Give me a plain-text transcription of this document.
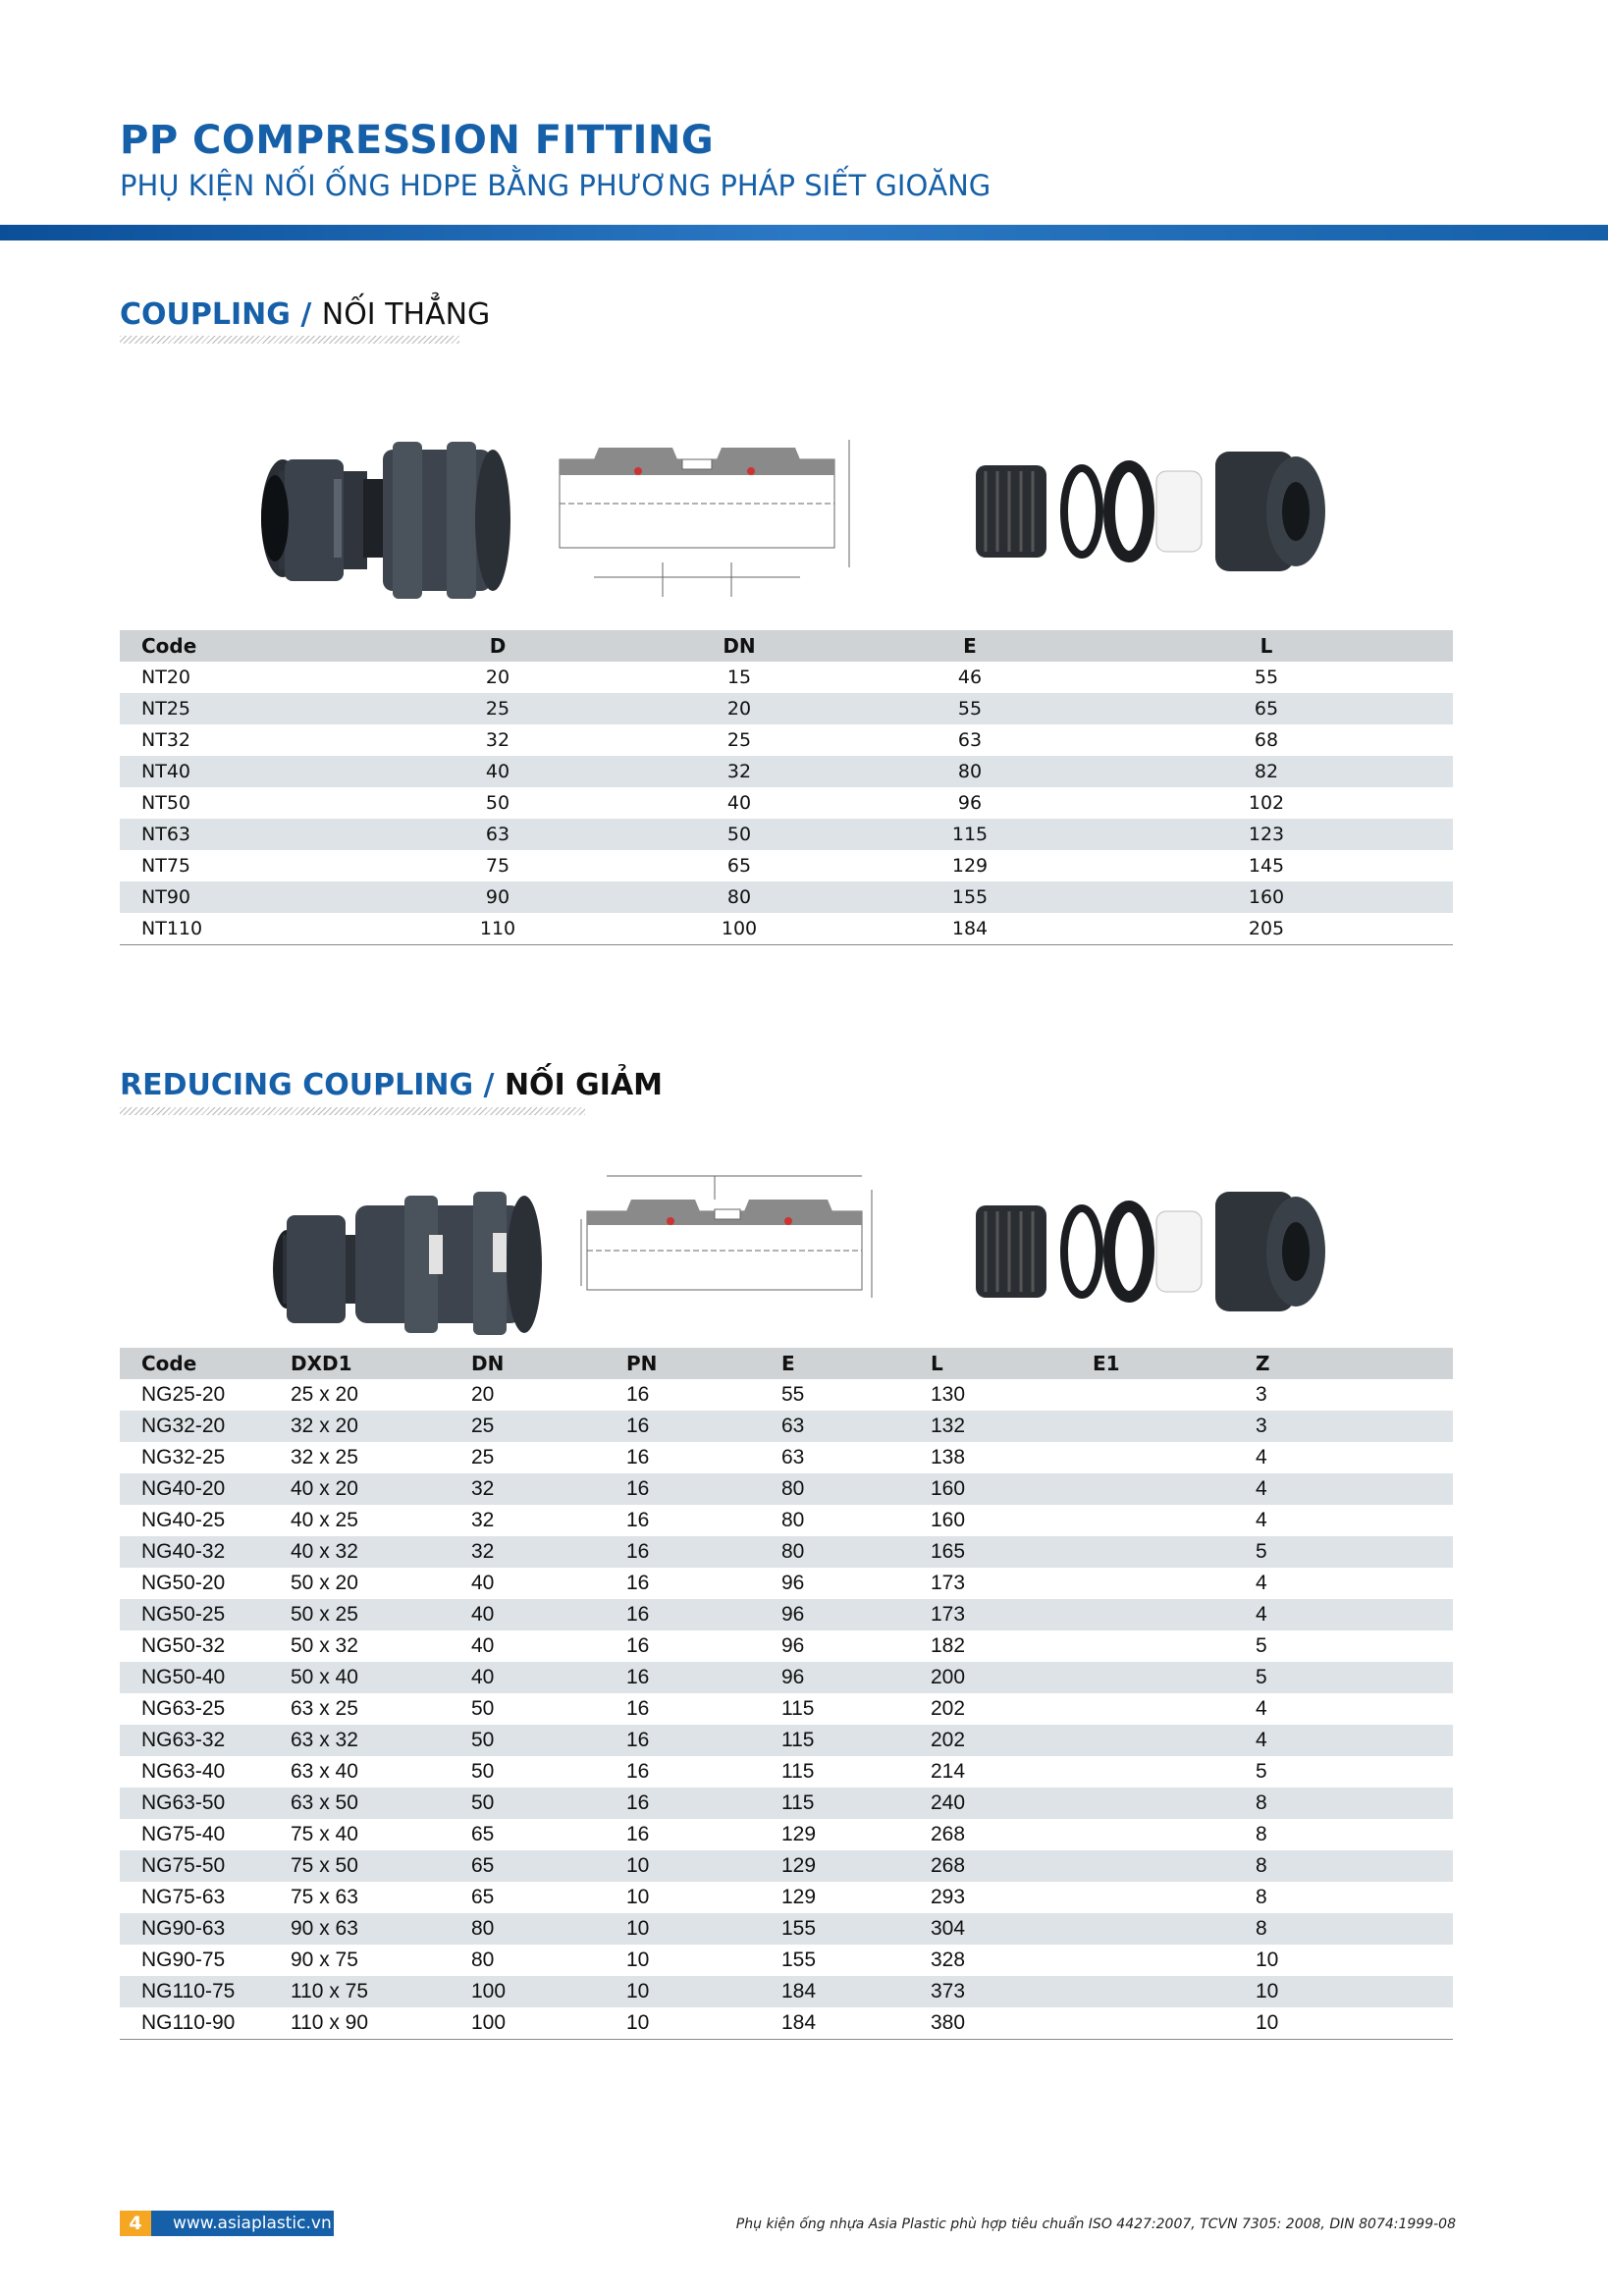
PP COMPRESSION FITTING
PHỤ KIỆN NỐI ỐNG HDPE BẰNG PHƯƠNG PHÁP SIẾT GIOĂNG
COUPLING / NỐI THẲNG
Code	D	DN	E	L
NT20	20	15	46	55
NT25	25	20	55	65
NT32	32	25	63	68
NT40	40	32	80	82
NT50	50	40	96	102
NT63	63	50	115	123
NT75	75	65	129	145
NT90	90	80	155	160
NT110	110	100	184	205
REDUCING COUPLING / NỐI GIẢM
Code	DXD1	DN	PN	E	L	E1	Z
NG25-20	25 x 20	20	16	55	130		3
NG32-20	32 x 20	25	16	63	132		3
NG32-25	32 x 25	25	16	63	138		4
NG40-20	40 x 20	32	16	80	160		4
NG40-25	40 x 25	32	16	80	160		4
NG40-32	40 x 32	32	16	80	165		5
NG50-20	50 x 20	40	16	96	173		4
NG50-25	50 x 25	40	16	96	173		4
NG50-32	50 x 32	40	16	96	182		5
NG50-40	50 x 40	40	16	96	200		5
NG63-25	63 x 25	50	16	115	202		4
NG63-32	63 x 32	50	16	115	202		4
NG63-40	63 x 40	50	16	115	214		5
NG63-50	63 x 50	50	16	115	240		8
NG75-40	75 x 40	65	16	129	268		8
NG75-50	75 x 50	65	10	129	268		8
NG75-63	75 x 63	65	10	129	293		8
NG90-63	90 x 63	80	10	155	304		8
NG90-75	90 x 75	80	10	155	328		10
NG110-75	110 x 75	100	10	184	373		10
NG110-90	110 x 90	100	10	184	380		10
4	www.asiaplastic.vn	Phụ kiện ống nhựa Asia Plastic phù hợp tiêu chuẩn ISO 4427:2007, TCVN 7305: 2008, DIN 8074:1999-08
